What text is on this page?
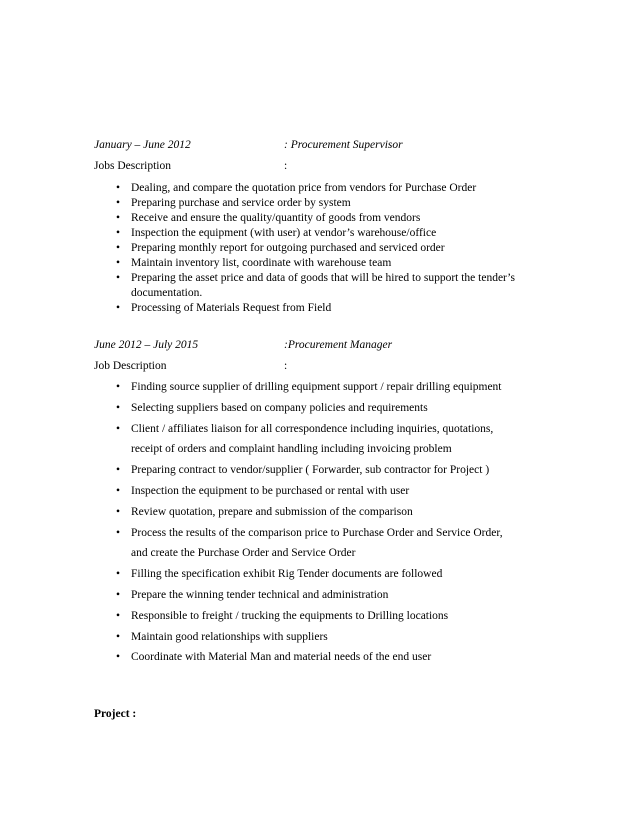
January – June 2012	: Procurement Supervisor
Jobs Description	:
• Dealing, and compare the quotation price from vendors for Purchase Order
• Preparing purchase and service order by system
• Receive and ensure the quality/quantity of goods from vendors
• Inspection the equipment (with user) at vendor’s warehouse/office
• Preparing monthly report for outgoing purchased and serviced order
• Maintain inventory list, coordinate with warehouse team
• Preparing the asset price and data of goods that will be hired to support the tender’s
documentation.
• Processing of Materials Request from Field
June 2012 – July 2015	:Procurement Manager
Job Description	:
• Finding source supplier of drilling equipment support / repair drilling equipment
• Selecting suppliers based on company policies and requirements
• Client / affiliates liaison for all correspondence including inquiries, quotations,
receipt of orders and complaint handling including invoicing problem
• Preparing contract to vendor/supplier ( Forwarder, sub contractor for Project )
• Inspection the equipment to be purchased or rental with user
• Review quotation, prepare and submission of the comparison
• Process the results of the comparison price to Purchase Order and Service Order,
and create the Purchase Order and Service Order
• Filling the specification exhibit Rig Tender documents are followed
• Prepare the winning tender technical and administration
• Responsible to freight / trucking the equipments to Drilling locations
• Maintain good relationships with suppliers
• Coordinate with Material Man and material needs of the end user
Project :
